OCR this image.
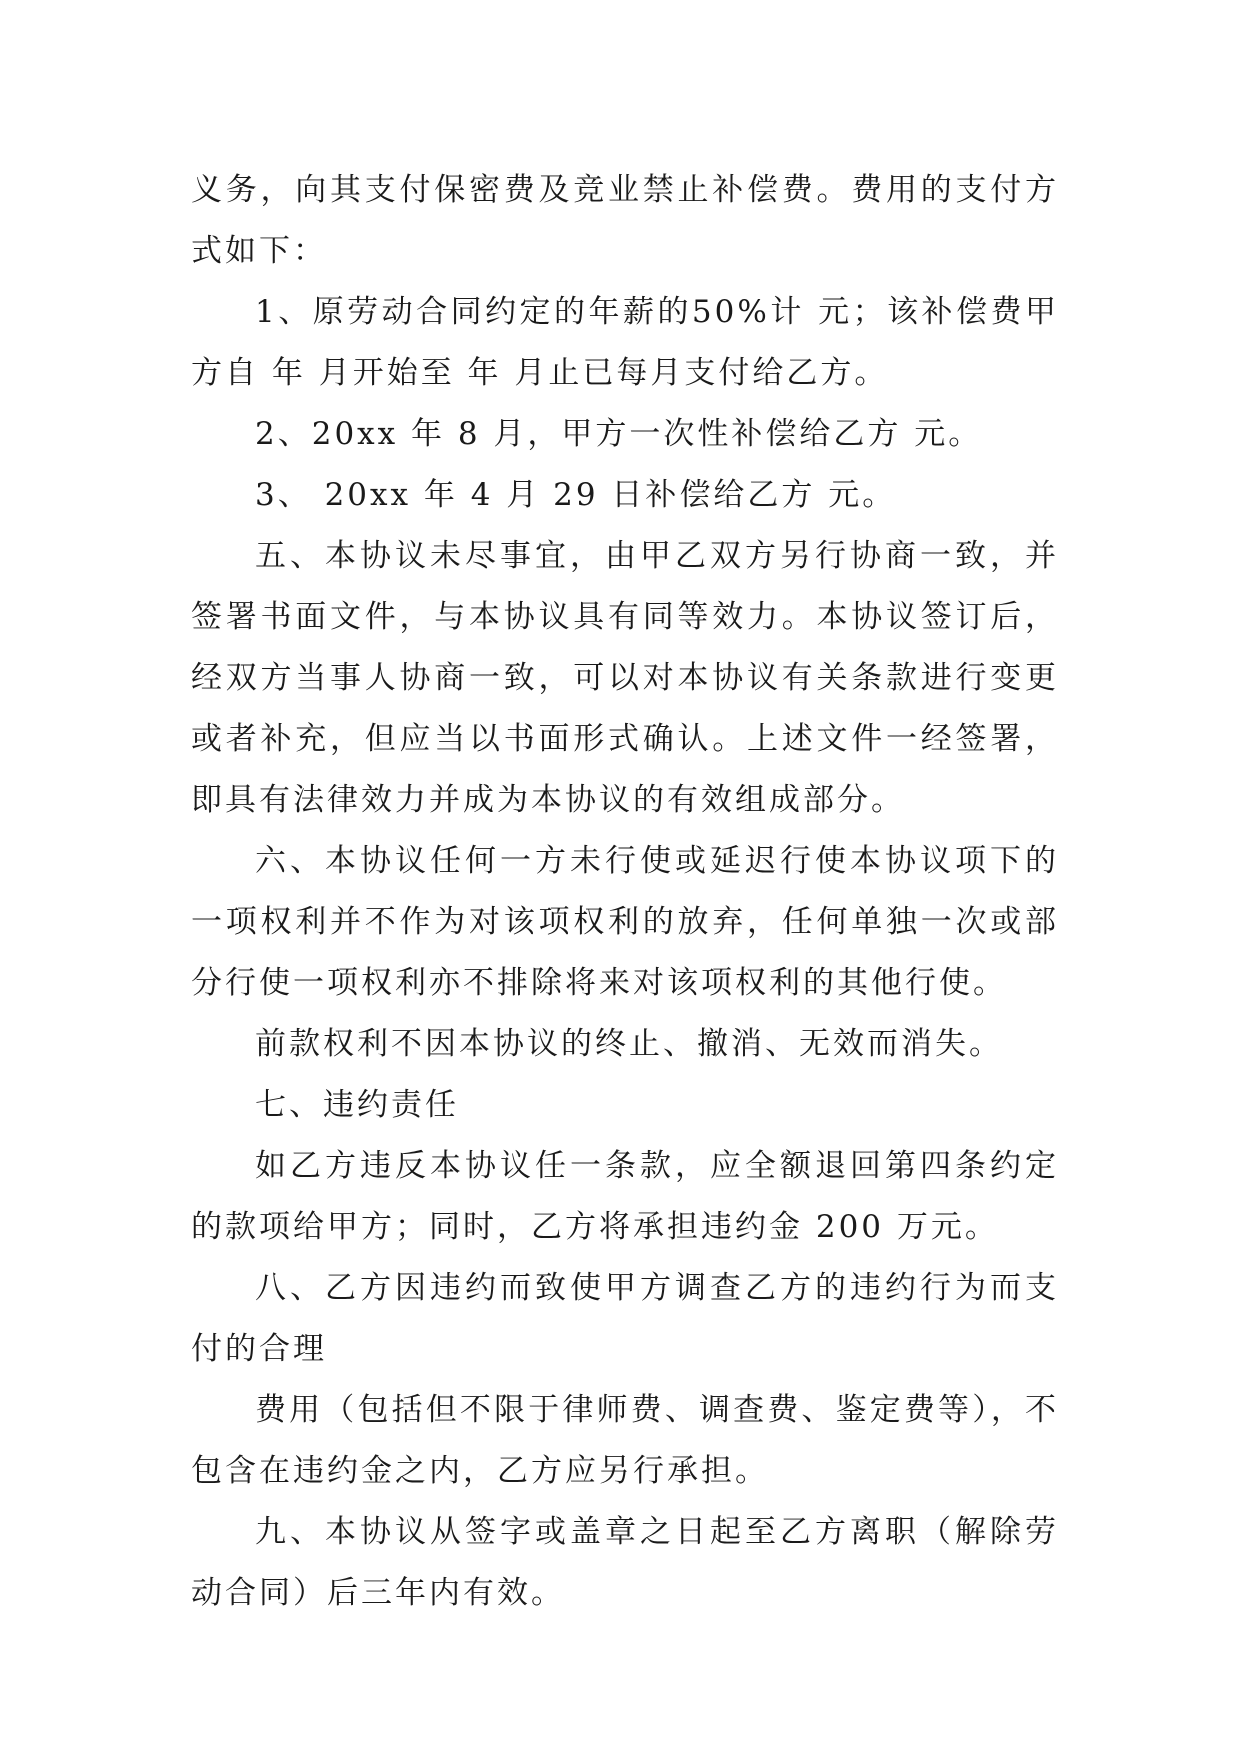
义务，向其支付保密费及竞业禁止补偿费。费用的支付方式如下：

1、原劳动合同约定的年薪的50%计 元；该补偿费甲方自 年 月开始至 年 月止已每月支付给乙方。

2、20xx 年 8 月，甲方一次性补偿给乙方 元。

3、 20xx 年 4 月 29 日补偿给乙方 元。

五、本协议未尽事宜，由甲乙双方另行协商一致，并签署书面文件，与本协议具有同等效力。本协议签订后，经双方当事人协商一致，可以对本协议有关条款进行变更或者补充，但应当以书面形式确认。上述文件一经签署，即具有法律效力并成为本协议的有效组成部分。

六、本协议任何一方未行使或延迟行使本协议项下的一项权利并不作为对该项权利的放弃，任何单独一次或部分行使一项权利亦不排除将来对该项权利的其他行使。

前款权利不因本协议的终止、撤消、无效而消失。

七、违约责任

如乙方违反本协议任一条款，应全额退回第四条约定的款项给甲方；同时，乙方将承担违约金 200 万元。

八、乙方因违约而致使甲方调查乙方的违约行为而支付的合理

费用（包括但不限于律师费、调查费、鉴定费等），不包含在违约金之内，乙方应另行承担。

九、本协议从签字或盖章之日起至乙方离职（解除劳动合同）后三年内有效。
